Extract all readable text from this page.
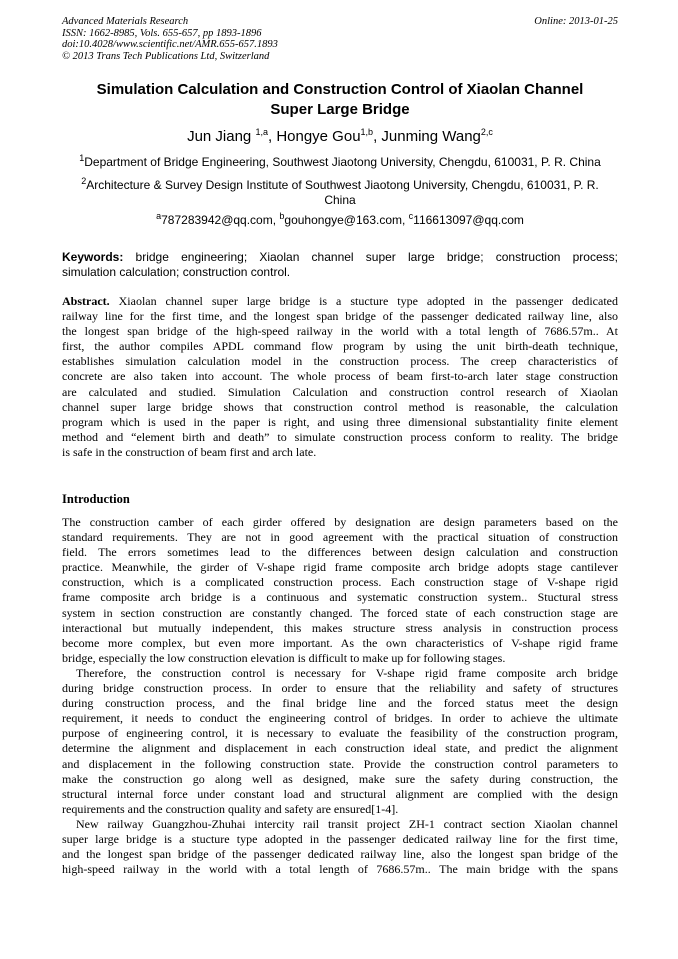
Advanced Materials Research
ISSN: 1662-8985, Vols. 655-657, pp 1893-1896
doi:10.4028/www.scientific.net/AMR.655-657.1893
© 2013 Trans Tech Publications Ltd, Switzerland
Online: 2013-01-25
Simulation Calculation and Construction Control of Xiaolan Channel
Super Large Bridge
Jun Jiang $^{1,a}$, Hongye Gou$^{1,b}$, Junming Wang$^{2,c}$
$^1$Department of Bridge Engineering, Southwest Jiaotong University, Chengdu, 610031, P. R. China
$^2$Architecture & Survey Design Institute of Southwest Jiaotong University, Chengdu, 610031, P. R.
China
$^a$787283942@qq.com, $^b$gouhongye@163.com, $^c$116613097@qq.com
Keywords: bridge engineering; Xiaolan channel super large bridge; construction process;
simulation calculation; construction control.
Abstract. Xiaolan channel super large bridge is a stucture type adopted in the passenger dedicated
railway line for the first time, and the longest span bridge of the passenger dedicated railway line, also
the longest span bridge of the high-speed railway in the world with a total length of 7686.57m.. At
first, the author compiles APDL command flow program by using the unit birth-death technique,
establishes simulation calculation model in the construction process. The creep characteristics of
concrete are also taken into account. The whole process of beam first-to-arch later stage construction
are calculated and studied. Simulation Calculation and construction control research of Xiaolan
channel super large bridge shows that construction control method is reasonable, the calculation
program which is used in the paper is right, and using three dimensional substantiality finite element
method and “element birth and death” to simulate construction process conform to reality. The bridge
is safe in the construction of beam first and arch late.
Introduction
The construction camber of each girder offered by designation are design parameters based on the
standard requirements. They are not in good agreement with the practical situation of construction
field. The errors sometimes lead to the differences between design calculation and construction
practice. Meanwhile, the girder of V-shape rigid frame composite arch bridge adopts stage cantilever
construction, which is a complicated construction process. Each construction stage of V-shape rigid
frame composite arch bridge is a continuous and systematic construction system.. Stuctural stress
system in section construction are constantly changed. The forced state of each construction stage are
interactional but mutually independent, this makes structure stress analysis in construction process
become more complex, but even more important. As the own characteristics of V-shape rigid frame
bridge, especially the low construction elevation is difficult to make up for following stages.
Therefore, the construction control is necessary for V-shape rigid frame composite arch bridge
during bridge construction process. In order to ensure that the reliability and safety of structures
during construction process, and the final bridge line and the forced status meet the design
requirement, it needs to conduct the engineering control of bridges. In order to achieve the ultimate
purpose of engineering control, it is necessary to evaluate the feasibility of the construction program,
determine the alignment and displacement in each construction ideal state, and predict the alignment
and displacement in the following construction state. Provide the construction control parameters to
make the construction go along well as designed, make sure the safety during construction, the
structural internal force under constant load and structural alignment are complied with the design
requirements and the construction quality and safety are ensured[1-4].
New railway Guangzhou-Zhuhai intercity rail transit project ZH-1 contract section Xiaolan channel
super large bridge is a stucture type adopted in the passenger dedicated railway line for the first time,
and the longest span bridge of the passenger dedicated railway line, also the longest span bridge of the
high-speed railway in the world with a total length of 7686.57m.. The main bridge with the spans
